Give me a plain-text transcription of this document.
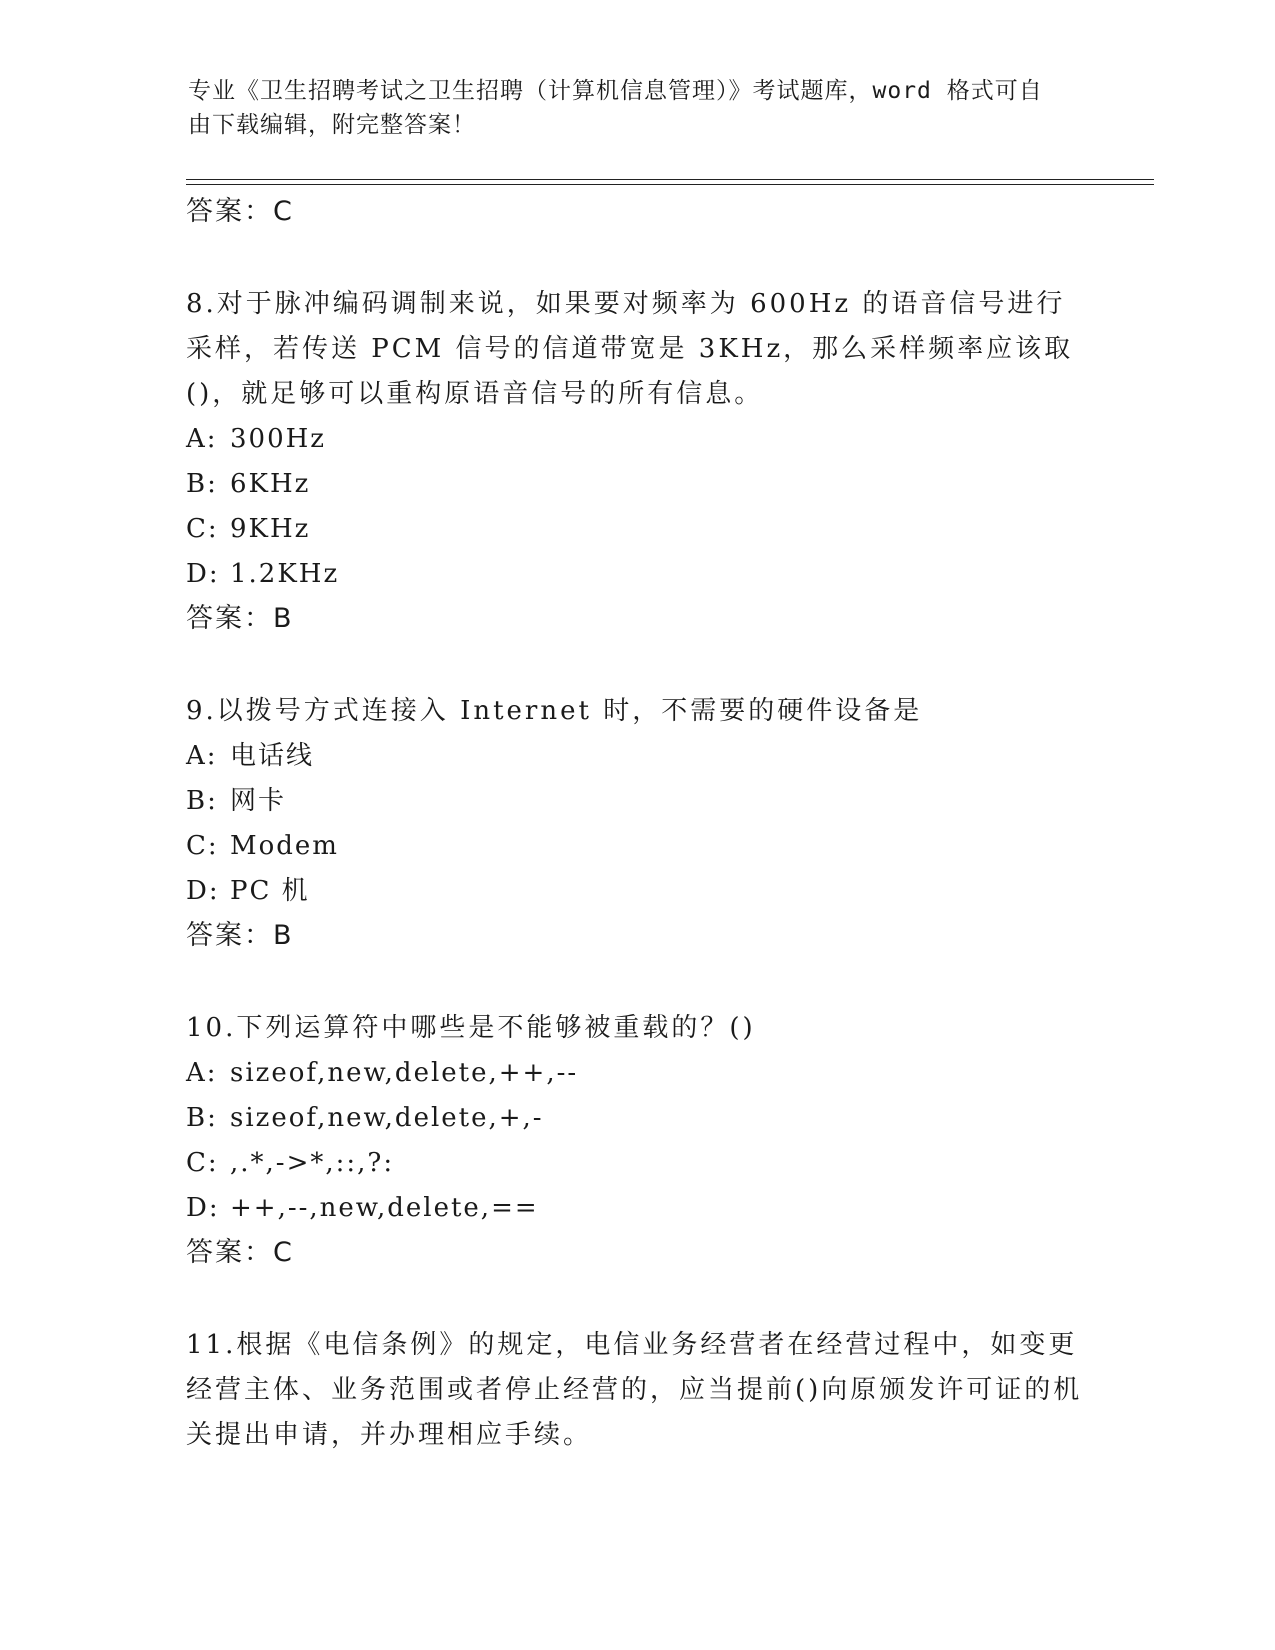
专业《卫生招聘考试之卫生招聘（计算机信息管理）》考试题库，word 格式可自
由下载编辑，附完整答案！
答案：C
8.对于脉冲编码调制来说，如果要对频率为 600Hz 的语音信号进行采样，若传送 PCM 信号的信道带宽是 3KHz，那么采样频率应该取()，就足够可以重构原语音信号的所有信息。
A: 300Hz
B: 6KHz
C: 9KHz
D: 1.2KHz
答案：B
9.以拨号方式连接入 Internet 时，不需要的硬件设备是
A: 电话线
B: 网卡
C: Modem
D: PC 机
答案：B
10.下列运算符中哪些是不能够被重载的？()
A: sizeof,new,delete,++,--
B: sizeof,new,delete,+,-
C: ,.*,->*,::,?:
D: ++,--,new,delete,==
答案：C
11.根据《电信条例》的规定，电信业务经营者在经营过程中，如变更经营主体、业务范围或者停止经营的，应当提前()向原颁发许可证的机关提出申请，并办理相应手续。
